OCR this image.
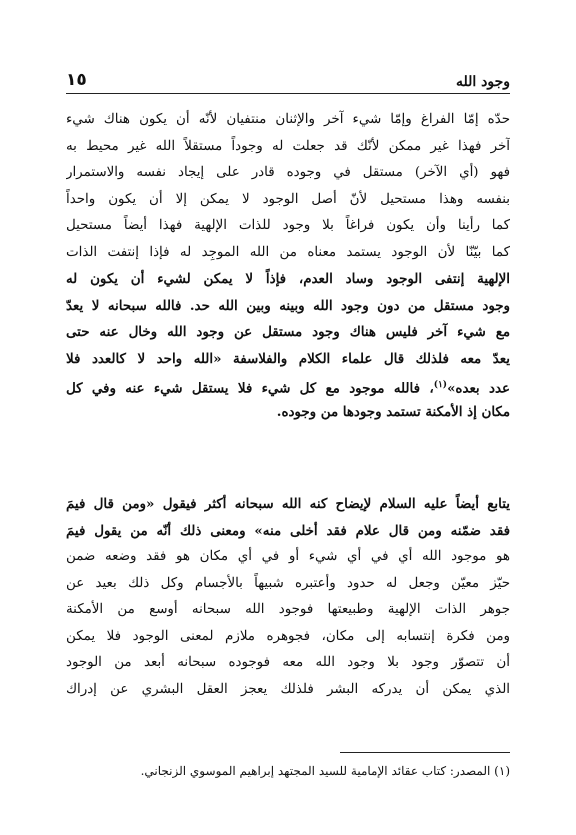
وجود الله
١٥
حدّه إمّا الفراغ وإمّا شيء آخر والإثنان منتفيان لأنّه أن يكون هناك شيء
آخر فهذا غير ممكن لأنّك قد جعلت له وجوداً مستقلاً الله غير محيط به
فهو (أي الآخر) مستقل في وجوده قادر على إيجاد نفسه والاستمرار
بنفسه وهذا مستحيل لأنّ أصل الوجود لا يمكن إلا أن يكون واحداً
كما رأينا وأن يكون فراغاً بلا وجود للذات الإلهية فهذا أيضاً مستحيل
كما بيّنّا لأن الوجود يستمد معناه من الله الموجِد له فإذا إنتفت الذات
الإلهية إنتفى الوجود وساد العدم، فإذاً لا يمكن لشيء أن يكون له
وجود مستقل من دون وجود الله وبينه وبين الله حد. فالله سبحانه لا يعدّ
مع شيء آخر فليس هناك وجود مستقل عن وجود الله وخال عنه حتى
يعدّ معه فلذلك قال علماء الكلام والفلاسفة «الله واحد لا كالعدد فلا
عدد بعده»$^{(١)}$، فالله موجود مع كل شيء فلا يستقل شيء عنه وفي كل
مكان إذ الأمكنة تستمد وجودها من وجوده.
يتابع أيضاً عليه السلام لإيضاح كنه الله سبحانه أكثر فيقول «ومن قال فيمَ
فقد ضمّنه ومن قال علام فقد أخلى منه» ومعنى ذلك أنّه من يقول فيمَ
هو موجود الله أي في أي شيء أو في أي مكان هو فقد وضعه ضمن
حيّز معيّن وجعل له حدود وأعتبره شبيهاً بالأجسام وكل ذلك بعيد عن
جوهر الذات الإلهية وطبيعتها فوجود الله سبحانه أوسع من الأمكنة
ومن فكرة إنتسابه إلى مكان، فجوهره ملازم لمعنى الوجود فلا يمكن
أن تتصوّر وجود بلا وجود الله معه فوجوده سبحانه أبعد من الوجود
الذي يمكن أن يدركه البشر فلذلك يعجز العقل البشري عن إدراك
(١) المصدر: كتاب عقائد الإمامية للسيد المجتهد إبراهيم الموسوي الزنجاني.
